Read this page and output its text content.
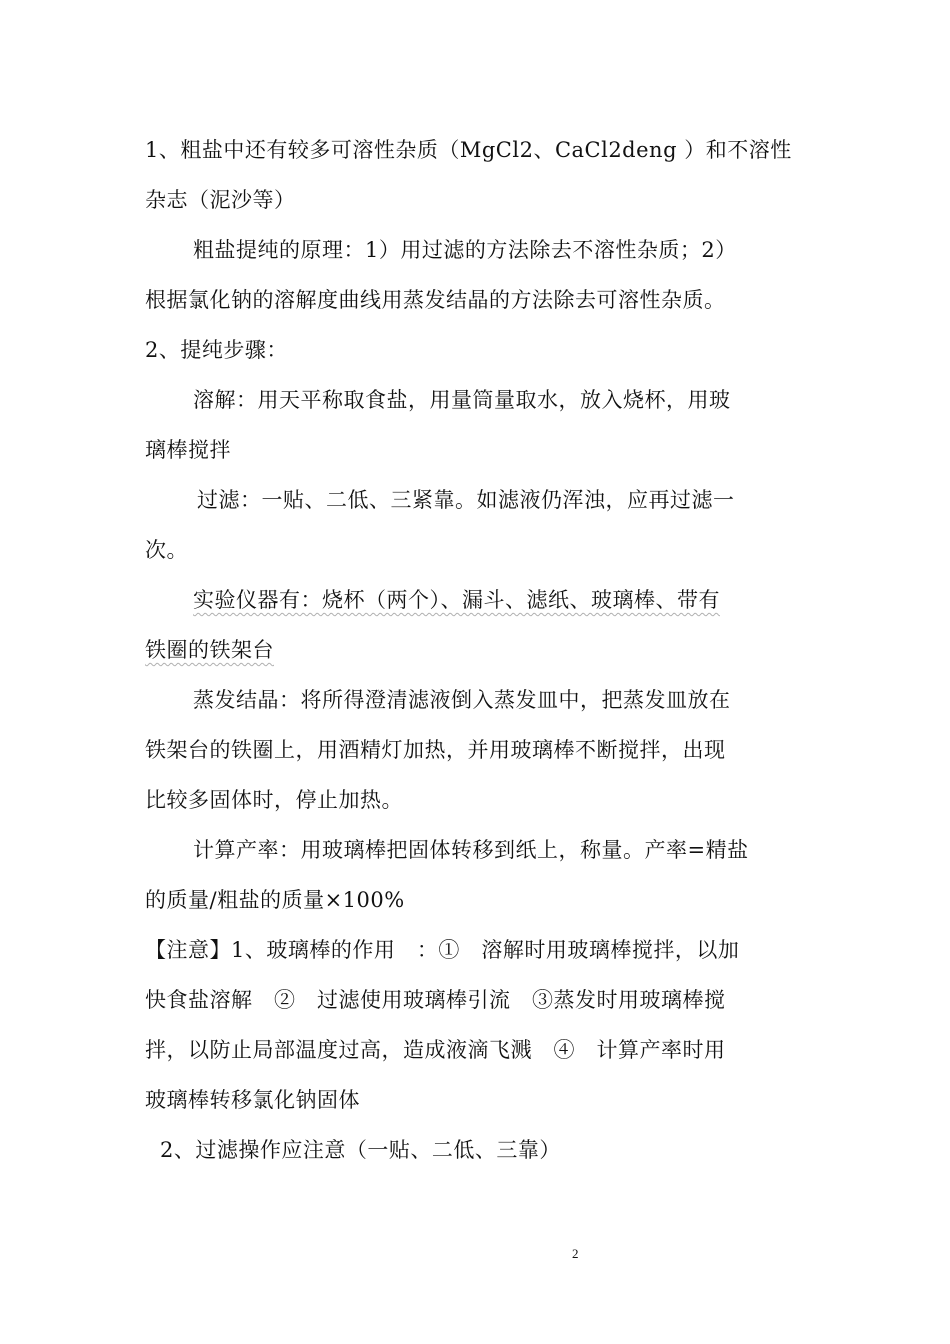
1、粗盐中还有较多可溶性杂质（MgCl2、CaCl2deng ）和不溶性
杂志（泥沙等）
粗盐提纯的原理：1）用过滤的方法除去不溶性杂质；2）
根据氯化钠的溶解度曲线用蒸发结晶的方法除去可溶性杂质。
2、提纯步骤：
溶解：用天平称取食盐，用量筒量取水，放入烧杯，用玻
璃棒搅拌
过滤：一贴、二低、三紧靠。如滤液仍浑浊，应再过滤一
次。
实验仪器有：烧杯（两个）、漏斗、滤纸、玻璃棒、带有
铁圈的铁架台
蒸发结晶：将所得澄清滤液倒入蒸发皿中，把蒸发皿放在
铁架台的铁圈上，用酒精灯加热，并用玻璃棒不断搅拌，出现
比较多固体时，停止加热。
计算产率：用玻璃棒把固体转移到纸上，称量。产率=精盐
的质量/粗盐的质量×100%
【注意】1、玻璃棒的作用　：①　溶解时用玻璃棒搅拌，以加
快食盐溶解　②　过滤使用玻璃棒引流　③蒸发时用玻璃棒搅
拌，以防止局部温度过高，造成液滴飞溅　④　计算产率时用
玻璃棒转移氯化钠固体
2、过滤操作应注意（一贴、二低、三靠）
2
